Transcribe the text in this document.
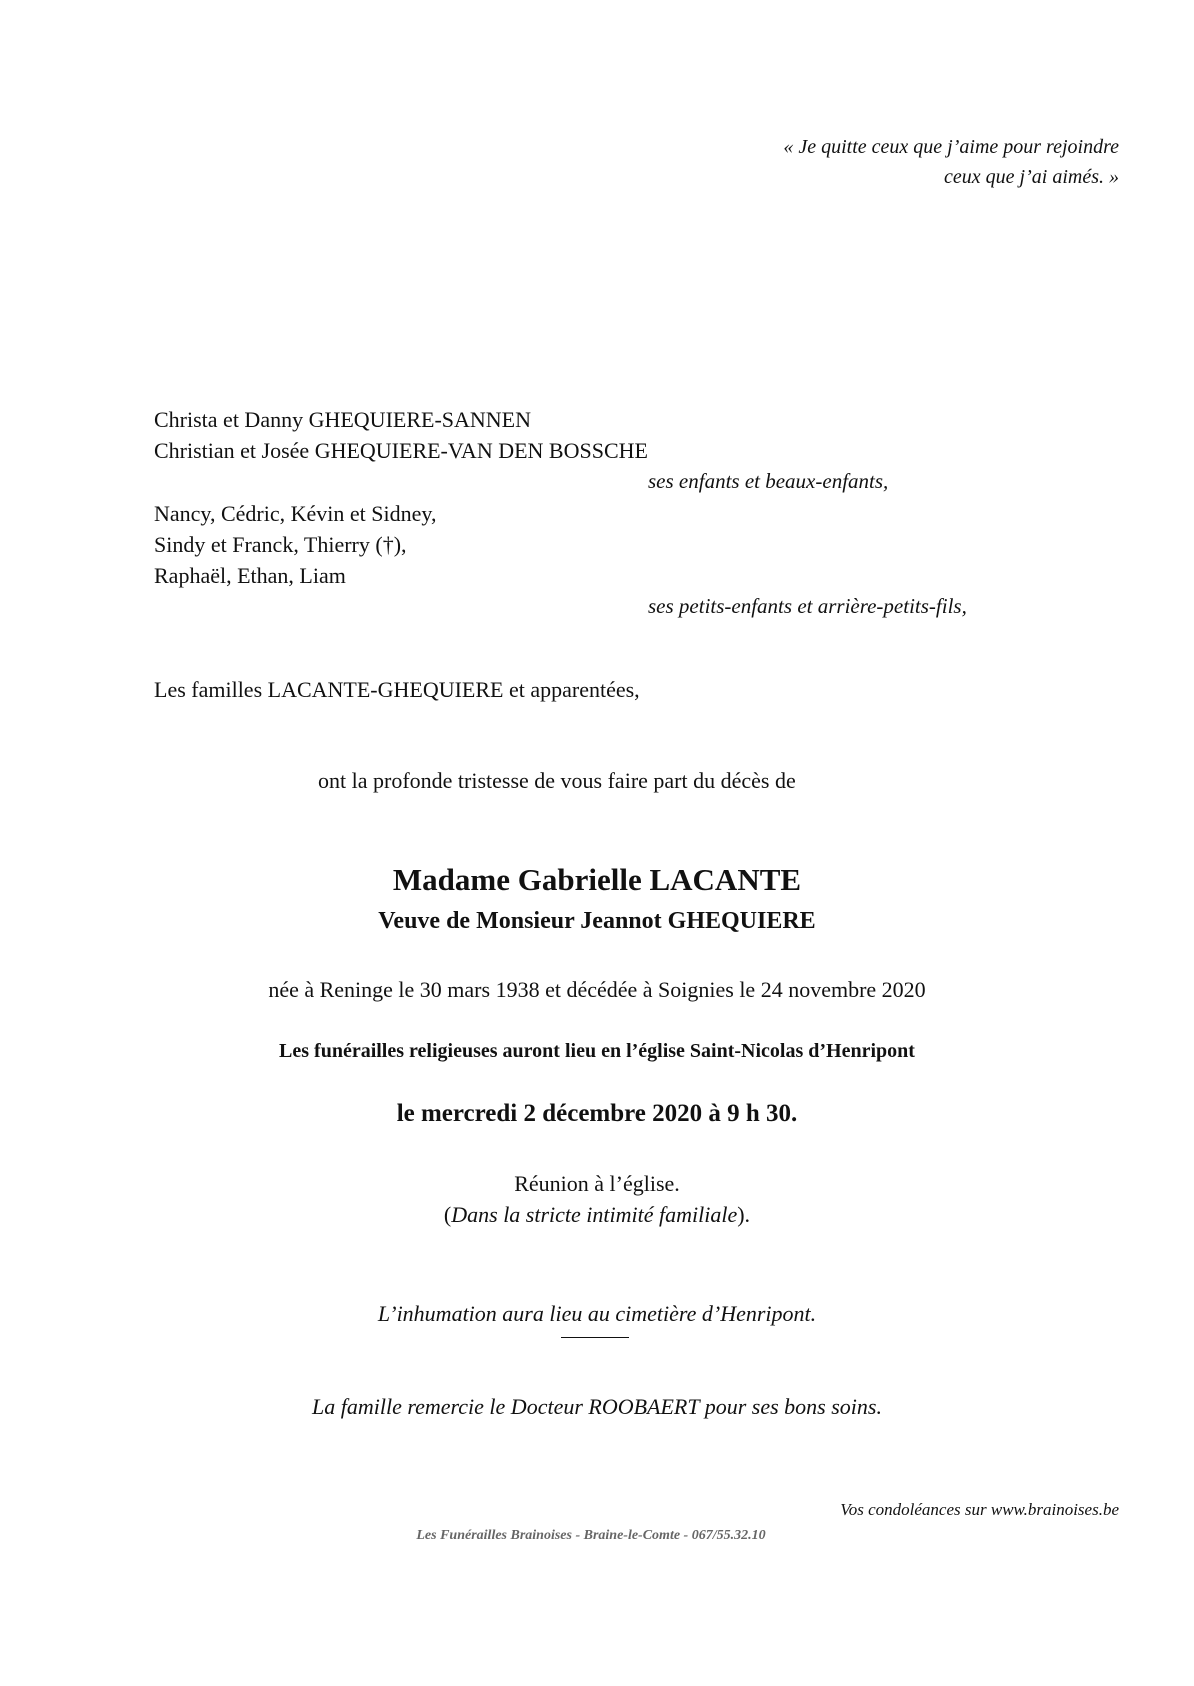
« Je quitte ceux que j’aime pour rejoindre
ceux que j’ai aimés. »
Christa et Danny GHEQUIERE-SANNEN
Christian et Josée GHEQUIERE-VAN DEN BOSSCHE
ses enfants et beaux-enfants,
Nancy, Cédric, Kévin et Sidney,
Sindy et Franck, Thierry (†),
Raphaël, Ethan, Liam
ses petits-enfants et arrière-petits-fils,
Les familles LACANTE-GHEQUIERE et apparentées,
ont la profonde tristesse de vous faire part du décès de
Madame Gabrielle LACANTE
Veuve de Monsieur Jeannot GHEQUIERE
née à Reninge le 30 mars 1938 et décédée à Soignies le 24 novembre 2020
Les funérailles religieuses auront lieu en l’église Saint-Nicolas d’Henripont
le mercredi 2 décembre 2020 à 9 h 30.
Réunion à l’église.
(Dans la stricte intimité familiale).
L’inhumation aura lieu au cimetière d’Henripont.
La famille remercie le Docteur ROOBAERT pour ses bons soins.
Vos condoléances sur www.brainoises.be
Les Funérailles Brainoises - Braine-le-Comte - 067/55.32.10
